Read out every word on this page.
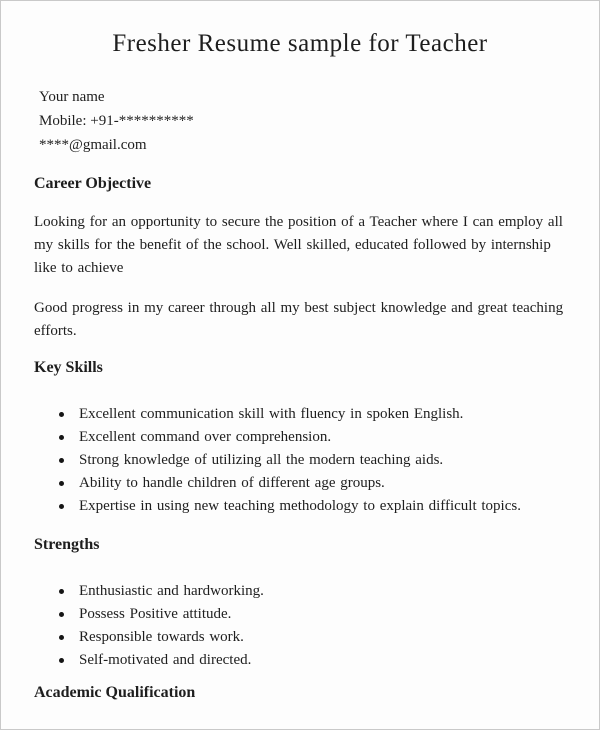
Fresher Resume sample for Teacher
Your name
Mobile: +91-**********
****@gmail.com
Career Objective

Looking for an opportunity to secure the position of a Teacher where I can employ all my skills for the benefit of the school. Well skilled, educated followed by internship like to achieve

Good progress in my career through all my best subject knowledge and great teaching efforts.

Key Skills
Excellent communication skill with fluency in spoken English.
Excellent command over comprehension.
Strong knowledge of utilizing all the modern teaching aids.
Ability to handle children of different age groups.
Expertise in using new teaching methodology to explain difficult topics.
Strengths
Enthusiastic and hardworking.
Possess Positive attitude.
Responsible towards work.
Self-motivated and directed.
Academic Qualification
